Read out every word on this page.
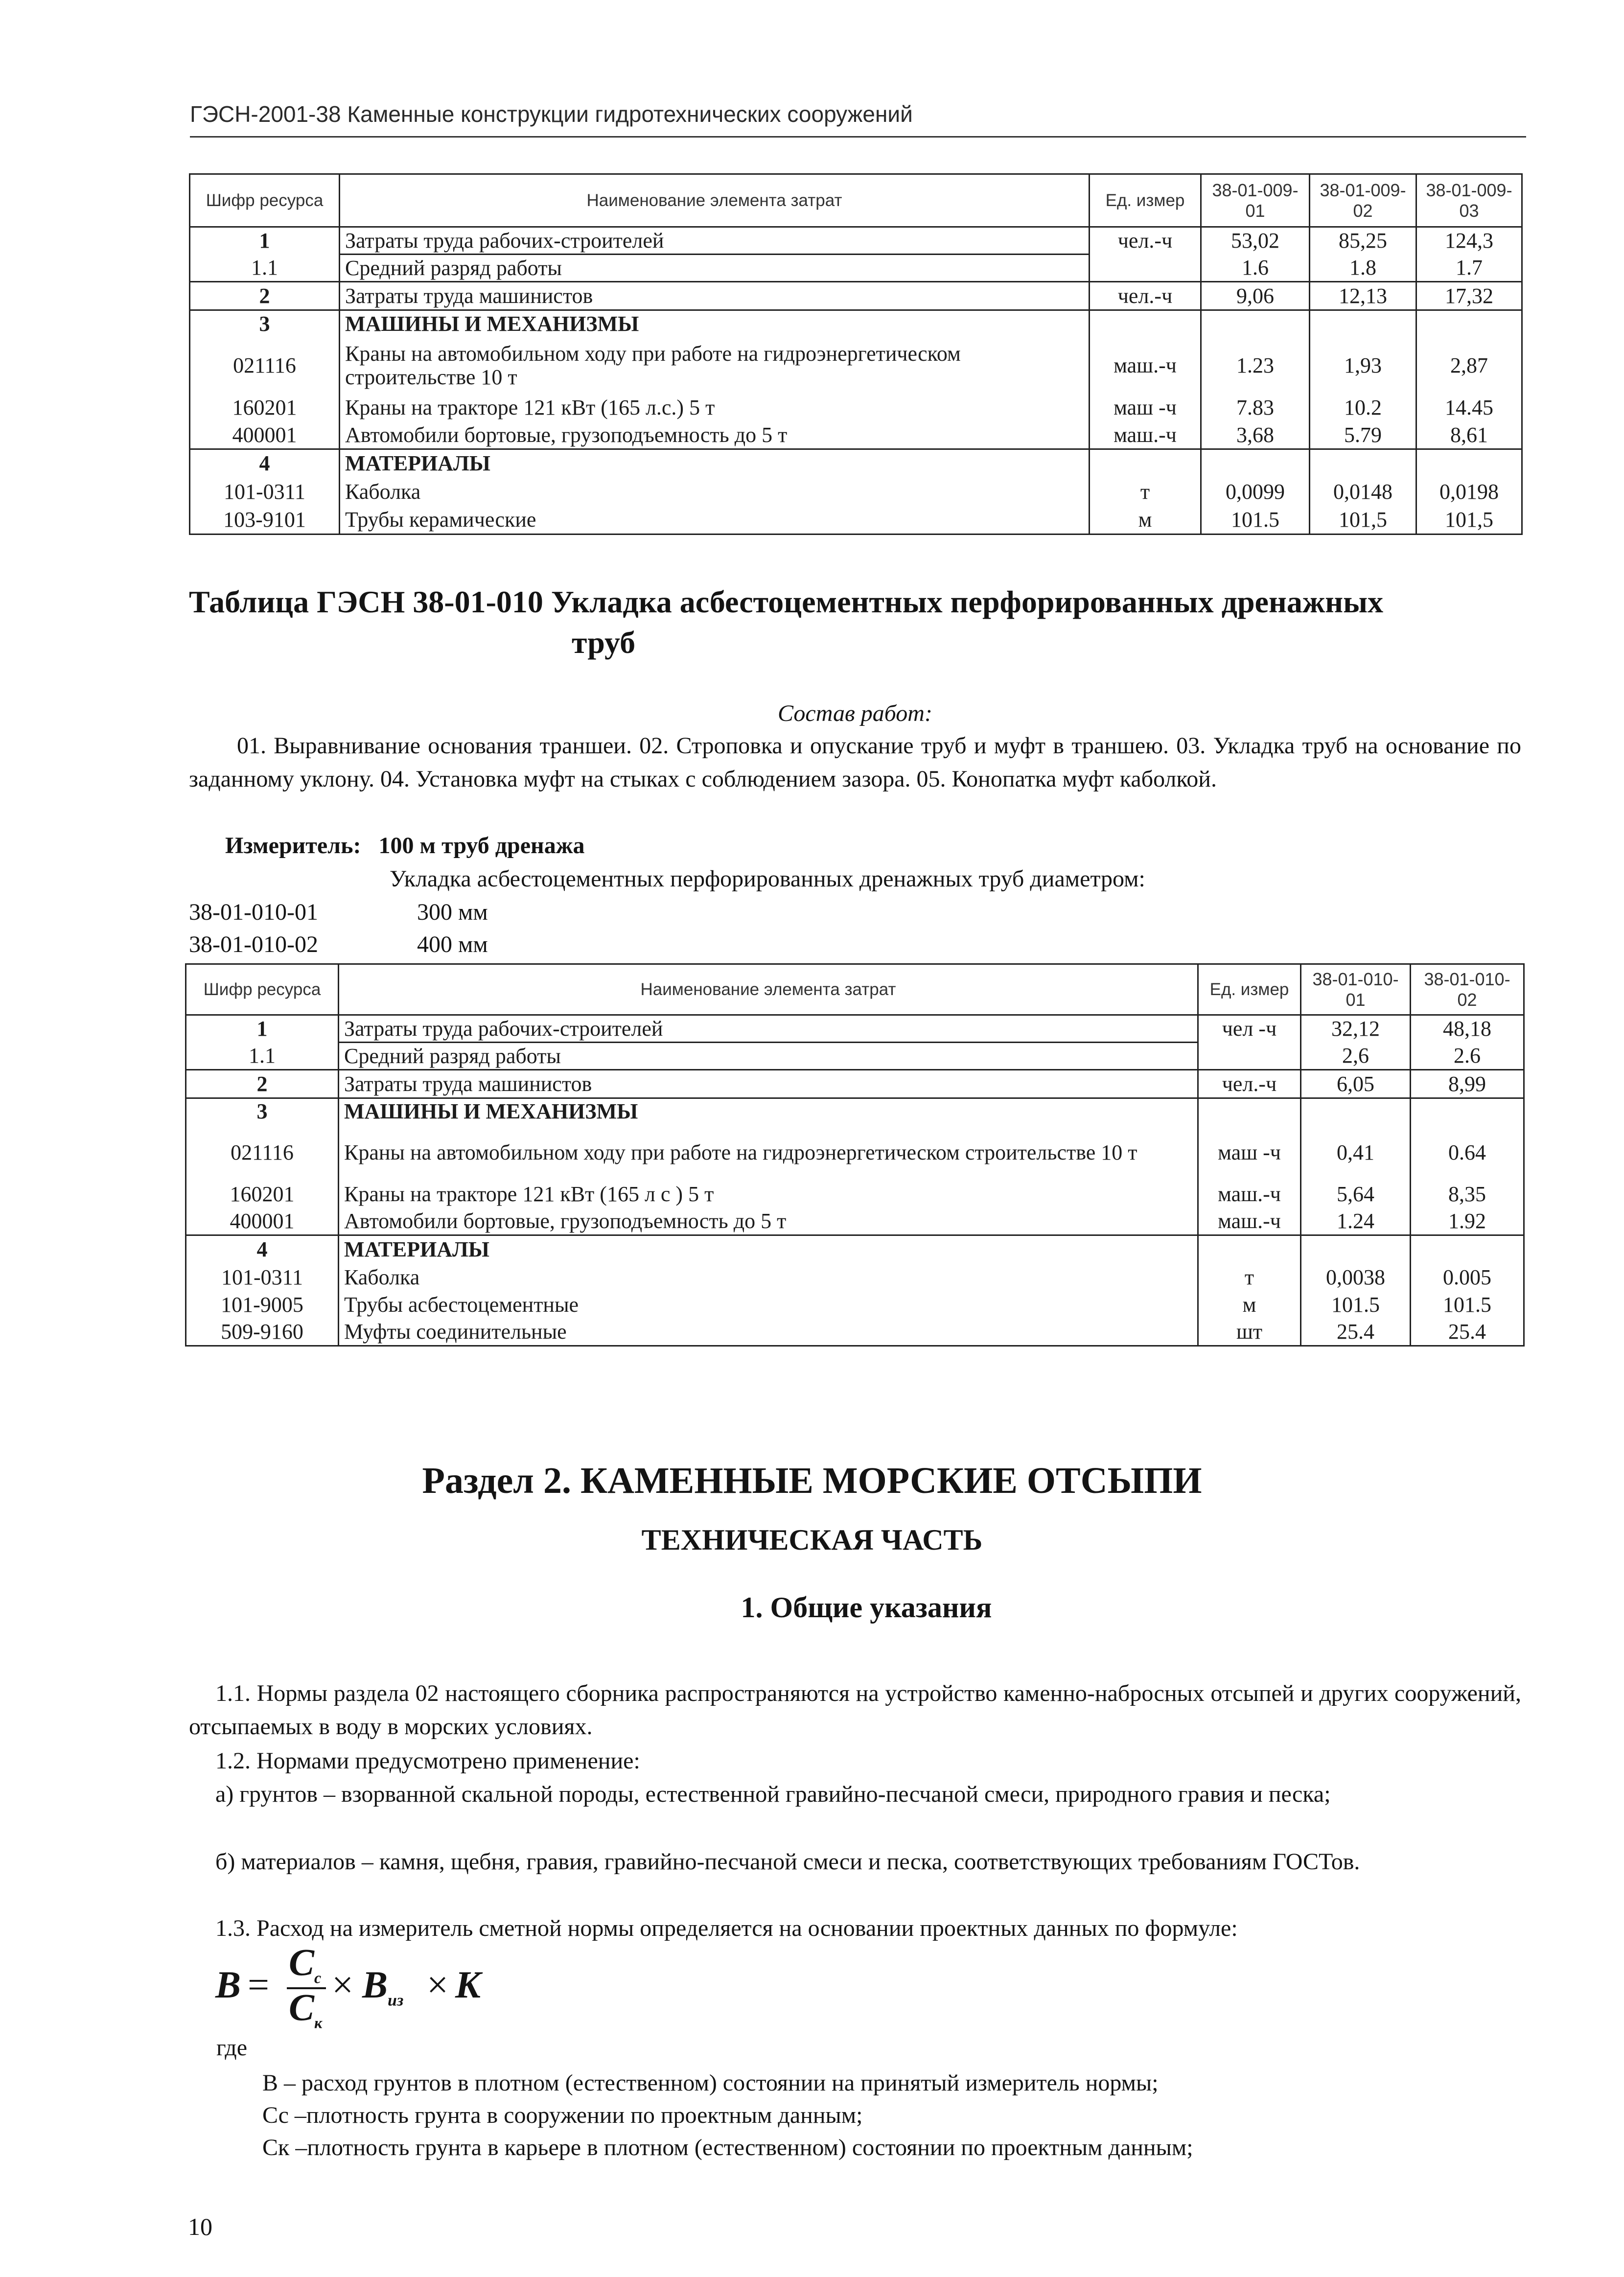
ГЭСН-2001-38 Каменные конструкции гидротехнических сооружений
Шифр ресурса	Наименование элемента затрат	Ед. измер	38-01-009-01	38-01-009-02	38-01-009-03
1	Затраты труда рабочих-строителей	чел.-ч	53,02	85,25	124,3
1.1	Средний разряд работы		1.6	1.8	1.7
2	Затраты труда машинистов	чел.-ч	9,06	12,13	17,32
3	МАШИНЫ И МЕХАНИЗМЫ				
021116	Краны на автомобильном ходу при работе на гидроэнергетическом строительстве 10 т	маш.-ч	1.23	1,93	2,87
160201	Краны на тракторе 121 кВт (165 л.с.) 5 т	маш -ч	7.83	10.2	14.45
400001	Автомобили бортовые, грузоподъемность до 5 т	маш.-ч	3,68	5.79	8,61
4	МАТЕРИАЛЫ				
101-0311	Каболка	т	0,0099	0,0148	0,0198
103-9101	Трубы керамические	м	101.5	101,5	101,5
Таблица ГЭСН 38-01-010 Укладка асбестоцементных перфорированных дренажных
труб
Состав работ:
01. Выравнивание основания траншеи. 02. Строповка и опускание труб и муфт в траншею. 03. Укладка труб на основание по заданному уклону. 04. Установка муфт на стыках с соблюдением зазора. 05. Конопатка муфт каболкой.
Измеритель: 100 м труб дренажа
Укладка асбестоцементных перфорированных дренажных труб диаметром:
38-01-010-01	300 мм
38-01-010-02	400 мм
Шифр ресурса	Наименование элемента затрат	Ед. измер	38-01-010-01	38-01-010-02
1	Затраты труда рабочих-строителей	чел -ч	32,12	48,18
1.1	Средний разряд работы		2,6	2.6
2	Затраты труда машинистов	чел.-ч	6,05	8,99
3	МАШИНЫ И МЕХАНИЗМЫ			
021116	Краны на автомобильном ходу при работе на гидроэнергетическом строительстве 10 т	маш -ч	0,41	0.64
160201	Краны на тракторе 121 кВт (165 л с ) 5 т	маш.-ч	5,64	8,35
400001	Автомобили бортовые, грузоподъемность до 5 т	маш.-ч	1.24	1.92
4	МАТЕРИАЛЫ			
101-0311	Каболка	т	0,0038	0.005
101-9005	Трубы асбестоцементные	м	101.5	101.5
509-9160	Муфты соединительные	шт	25.4	25.4
Раздел 2. КАМЕННЫЕ МОРСКИЕ ОТСЫПИ
ТЕХНИЧЕСКАЯ ЧАСТЬ
1. Общие указания
1.1. Нормы раздела 02 настоящего сборника распространяются на устройство каменно-набросных отсыпей и других сооружений, отсыпаемых в воду в морских условиях.
1.2. Нормами предусмотрено применение:
а) грунтов – взорванной скальной породы, естественной гравийно-песчаной смеси, природного гравия и песка;
б) материалов – камня, щебня, гравия, гравийно-песчаной смеси и песка, соответствующих требованиям ГОСТов.
1.3. Расход на измеритель сметной нормы определяется на основании проектных данных по формуле:
B =
$C_c$
$C_к$
× $B_{из} \times K$
где
В – расход грунтов в плотном (естественном) состоянии на принятый измеритель нормы;
Сс –плотность грунта в сооружении по проектным данным;
Ск –плотность грунта в карьере в плотном (естественном) состоянии по проектным данным;
10
